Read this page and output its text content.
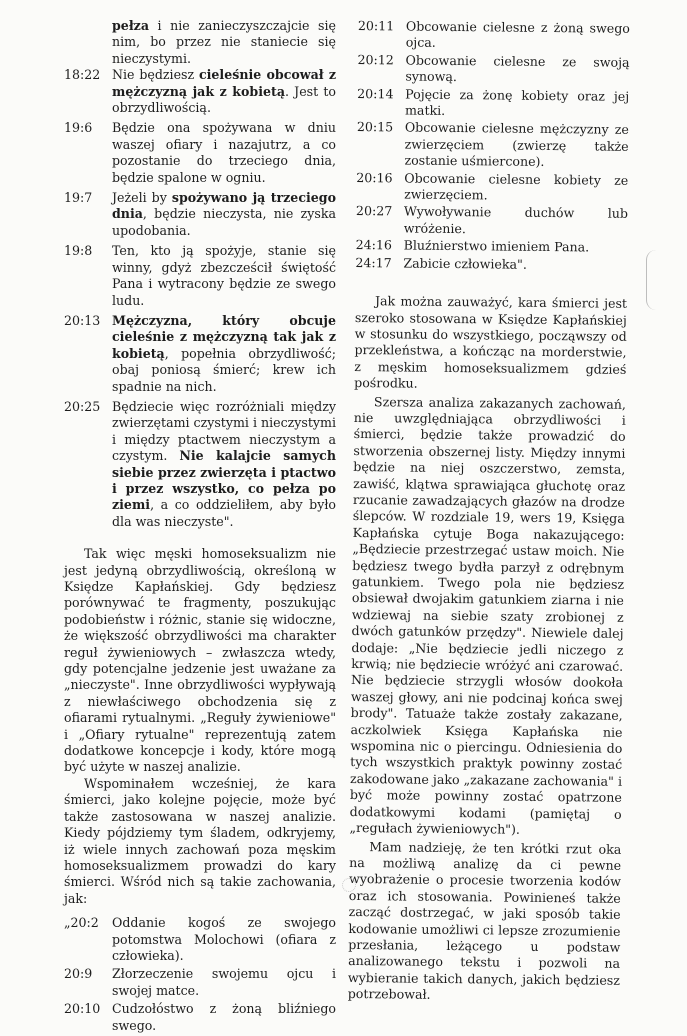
pełza i nie zanieczyszczajcie się nim, bo przez nie staniecie się nieczystymi.
18:22 Nie będziesz cieleśnie obcował z mężczyzną jak z kobietą. Jest to obrzydliwością.
19:6	Będzie ona spożywana w dniu waszej ofiary i nazajutrz, a co pozostanie do trzeciego dnia, będzie spalone w ogniu.
19:7	Jeżeli by spożywano ją trzeciego dnia, będzie nieczysta, nie zyska upodobania.
19:8	Ten, kto ją spożyje, stanie się winny, gdyż zbezcześcił świętość Pana i wytracony będzie ze swego ludu.
20:13 Mężczyzna, który obcuje cieleśnie z mężczyzną tak jak z kobietą, popełnia obrzydliwość; obaj poniosą śmierć; krew ich spadnie na nich.
20:25 Będziecie więc rozróżniali między zwierzętami czystymi i nieczystymi i między ptactwem nieczystym a czystym. Nie kalajcie samych siebie przez zwierzęta i ptactwo i przez wszystko, co pełza po ziemi, a co oddzieliłem, aby było dla was nieczyste".

Tak więc męski homoseksualizm nie jest jedyną obrzydliwością, określoną w Księdze Kapłańskiej. Gdy będziesz porównywać te fragmenty, poszukując podobieństw i różnic, stanie się widoczne, że większość obrzydliwości ma charakter reguł żywieniowych – zwłaszcza wtedy, gdy potencjalne jedzenie jest uważane za „nieczyste". Inne obrzydliwości wypływają z niewłaściwego obchodzenia się z ofiarami rytualnymi. „Reguły żywieniowe" i „Ofiary rytualne" reprezentują zatem dodatkowe koncepcje i kody, które mogą być użyte w naszej analizie.

Wspominałem wcześniej, że kara śmierci, jako kolejne pojęcie, może być także zastosowana w naszej analizie. Kiedy pójdziemy tym śladem, odkryjemy, iż wiele innych zachowań poza męskim homoseksualizmem prowadzi do kary śmierci. Wśród nich są takie zachowania, jak:

„20:2	Oddanie kogoś ze swojego potomstwa Molochowi (ofiara z człowieka).
20:9	Złorzeczenie swojemu ojcu i swojej matce.
20:10 Cudzołóstwo z żoną bliźniego swego.
20:11 Obcowanie cielesne z żoną swego ojca.
20:12 Obcowanie cielesne ze swoją synową.
20:14 Pojęcie za żonę kobiety oraz jej matki.
20:15 Obcowanie cielesne mężczyzny ze zwierzęciem (zwierzę także zostanie uśmiercone).
20:16 Obcowanie cielesne kobiety ze zwierzęciem.
20:27 Wywoływanie duchów lub wróżenie.
24:16 Bluźnierstwo imieniem Pana.
24:17 Zabicie człowieka".

Jak można zauważyć, kara śmierci jest szeroko stosowana w Księdze Kapłańskiej w stosunku do wszystkiego, począwszy od przekleństwa, a kończąc na morderstwie, z męskim homoseksualizmem gdzieś pośrodku.

Szersza analiza zakazanych zachowań, nie uwzględniająca obrzydliwości i śmierci, będzie także prowadzić do stworzenia obszernej listy. Między innymi będzie na niej oszczerstwo, zemsta, zawiść, klątwa sprawiająca głuchotę oraz rzucanie zawadzających głazów na drodze ślepców. W rozdziale 19, wers 19, Księga Kapłańska cytuje Boga nakazującego: „Będziecie przestrzegać ustaw moich. Nie będziesz twego bydła parzył z odrębnym gatunkiem. Twego pola nie będziesz obsiewał dwojakim gatunkiem ziarna i nie wdziewaj na siebie szaty zrobionej z dwóch gatunków przędzy". Niewiele dalej dodaje: „Nie będziecie jedli niczego z krwią; nie będziecie wróżyć ani czarować. Nie będziecie strzygli włosów dookoła waszej głowy, ani nie podcinaj końca swej brody". Tatuaże także zostały zakazane, aczkolwiek Księga Kapłańska nie wspomina nic o piercingu. Odniesienia do tych wszystkich praktyk powinny zostać zakodowane jako „zakazane zachowania" i być może powinny zostać opatrzone dodatkowymi kodami (pamiętaj o „regułach żywieniowych").

Mam nadzieję, że ten krótki rzut oka na możliwą analizę da ci pewne wyobrażenie o procesie tworzenia kodów oraz ich stosowania. Powinieneś także zacząć dostrzegać, w jaki sposób takie kodowanie umożliwi ci lepsze zrozumienie przesłania, leżącego u podstaw analizowanego tekstu i pozwoli na wybieranie takich danych, jakich będziesz potrzebował.
